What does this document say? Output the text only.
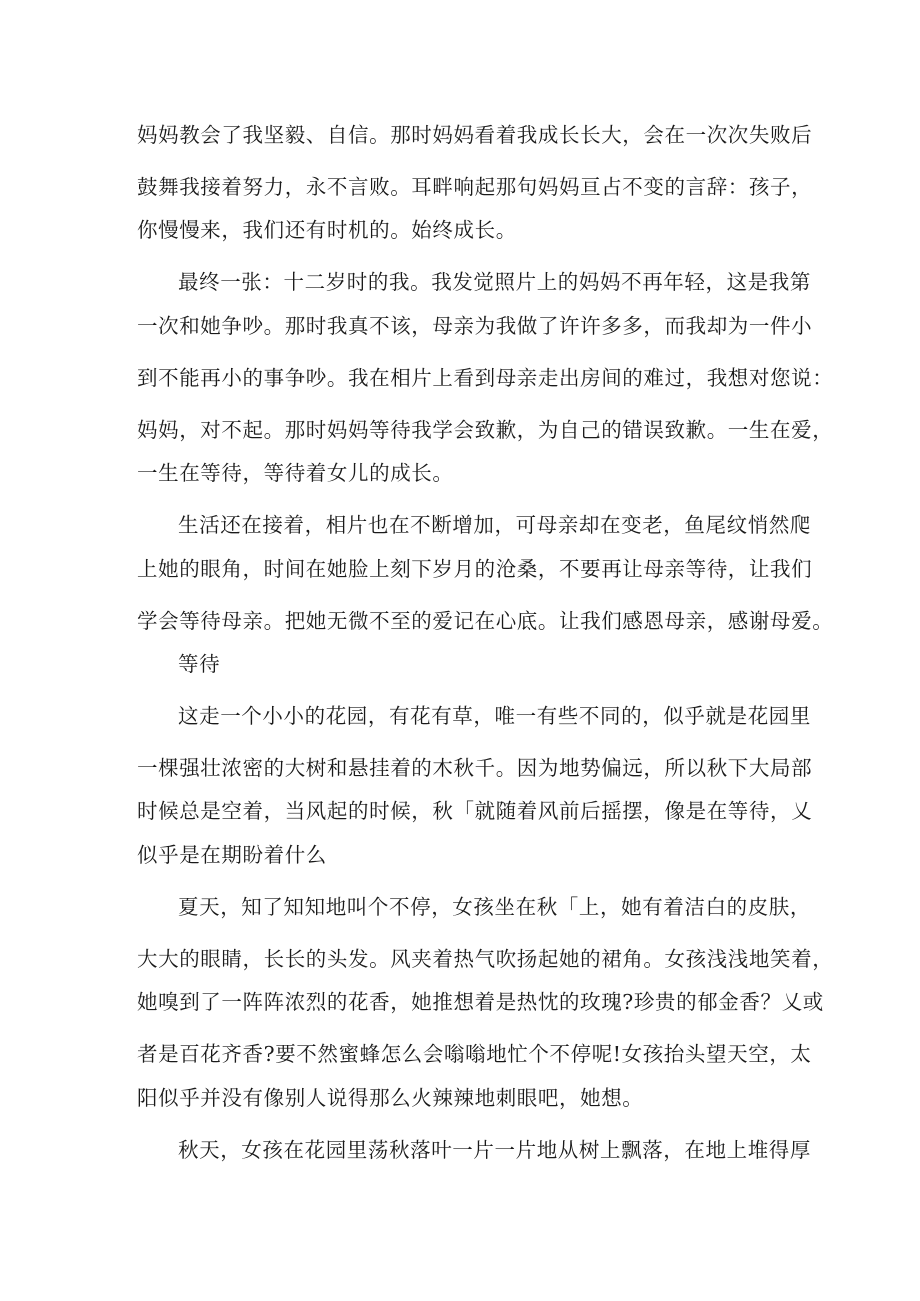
妈妈教会了我坚毅、自信。那时妈妈看着我成长长大，会在一次次失败后
鼓舞我接着努力，永不言败。耳畔响起那句妈妈亘占不变的言辞：孩子，
你慢慢来，我们还有时机的。始终成长。
最终一张：十二岁时的我。我发觉照片上的妈妈不再年轻，这是我第
一次和她争吵。那时我真不该，母亲为我做了许许多多，而我却为一件小
到不能再小的事争吵。我在相片上看到母亲走出房间的难过，我想对您说：
妈妈，对不起。那时妈妈等待我学会致歉，为自己的错误致歉。一生在爱，
一生在等待，等待着女儿的成长。
生活还在接着，相片也在不断增加，可母亲却在变老，鱼尾纹悄然爬
上她的眼角，时间在她脸上刻下岁月的沧桑，不要再让母亲等待，让我们
学会等待母亲。把她无微不至的爱记在心底。让我们感恩母亲，感谢母爱。
等待
这走一个小小的花园，有花有草，唯一有些不同的，似乎就是花园里
一棵强壮浓密的大树和悬挂着的木秋千。因为地势偏远，所以秋下大局部
时候总是空着，当风起的时候，秋「就随着风前后摇摆，像是在等待，乂
似乎是在期盼着什么
夏天，知了知知地叫个不停，女孩坐在秋「上，她有着洁白的皮肤，
大大的眼睛，长长的头发。风夹着热气吹扬起她的裙角。女孩浅浅地笑着，
她嗅到了一阵阵浓烈的花香，她推想着是热忱的玫瑰?珍贵的郁金香？乂或
者是百花齐香?要不然蜜蜂怎么会嗡嗡地忙个不停呢!女孩抬头望天空，太
阳似乎并没有像别人说得那么火辣辣地刺眼吧，她想。
秋天，女孩在花园里荡秋落叶一片一片地从树上飘落，在地上堆得厚
